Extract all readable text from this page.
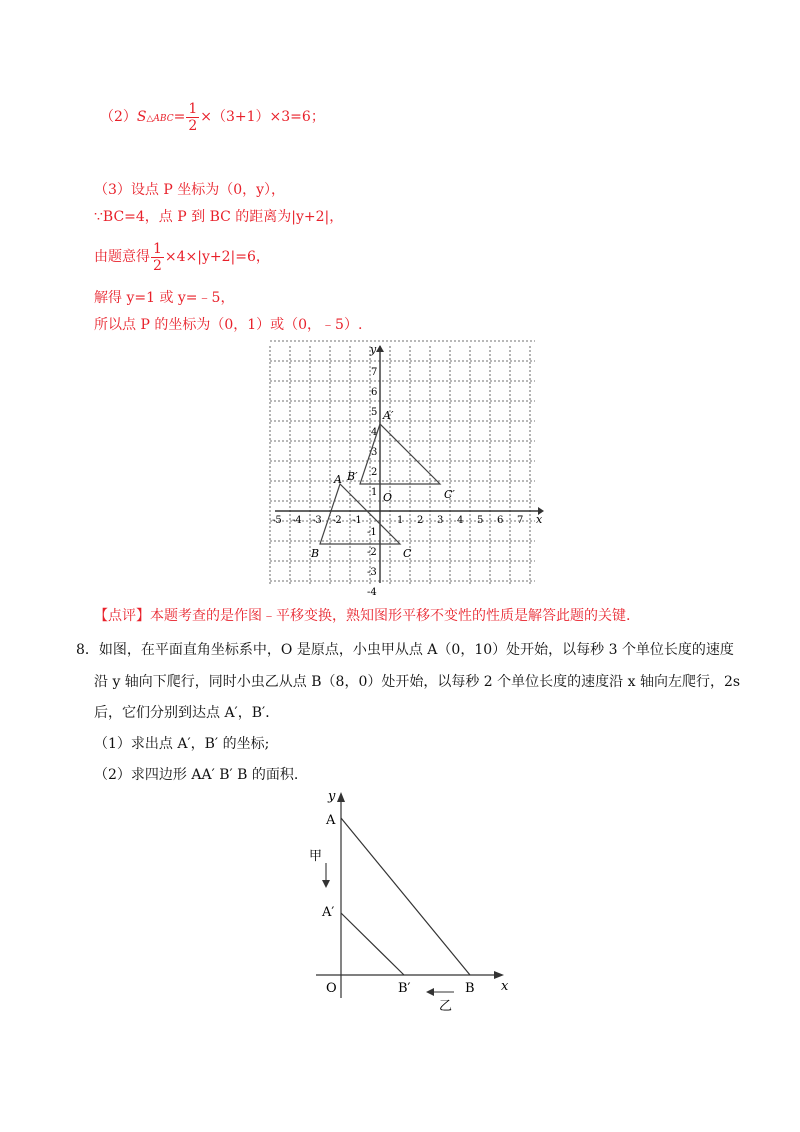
（2）S△ABC= $\frac{1}{2} \times(3+1)\times 3=6$；
（3）设点 P 坐标为（0，y），
∵BC=4，点 P 到 BC 的距离为|y+2|，
由题意得 $\frac{1}{2} \times 4\times|y+2|=6$，
解得 y=1 或 y=﹣5，
所以点 P 的坐标为（0，1）或（0，﹣5）.
-5 -4 -3 -2 -1	1 2 3 4 5 6 7
1
2
3
4
5
6
7
-1
-2
-3
-4
A
B	C
A′
B′
C′
O
x
y
【点评】本题考查的是作图﹣平移变换，熟知图形平移不变性的性质是解答此题的关键.
8．如图，在平面直角坐标系中，O 是原点，小虫甲从点 A（0，10）处开始，以每秒 3 个单位长度的速度
沿 y 轴向下爬行，同时小虫乙从点 B（8，0）处开始，以每秒 2 个单位长度的速度沿 x 轴向左爬行，2s
后，它们分别到达点 A′，B′．
（1）求出点 A′，B′ 的坐标;
（2）求四边形 AA′ B′ B 的面积.
y
A
A′
O	B′	B x
甲
乙
